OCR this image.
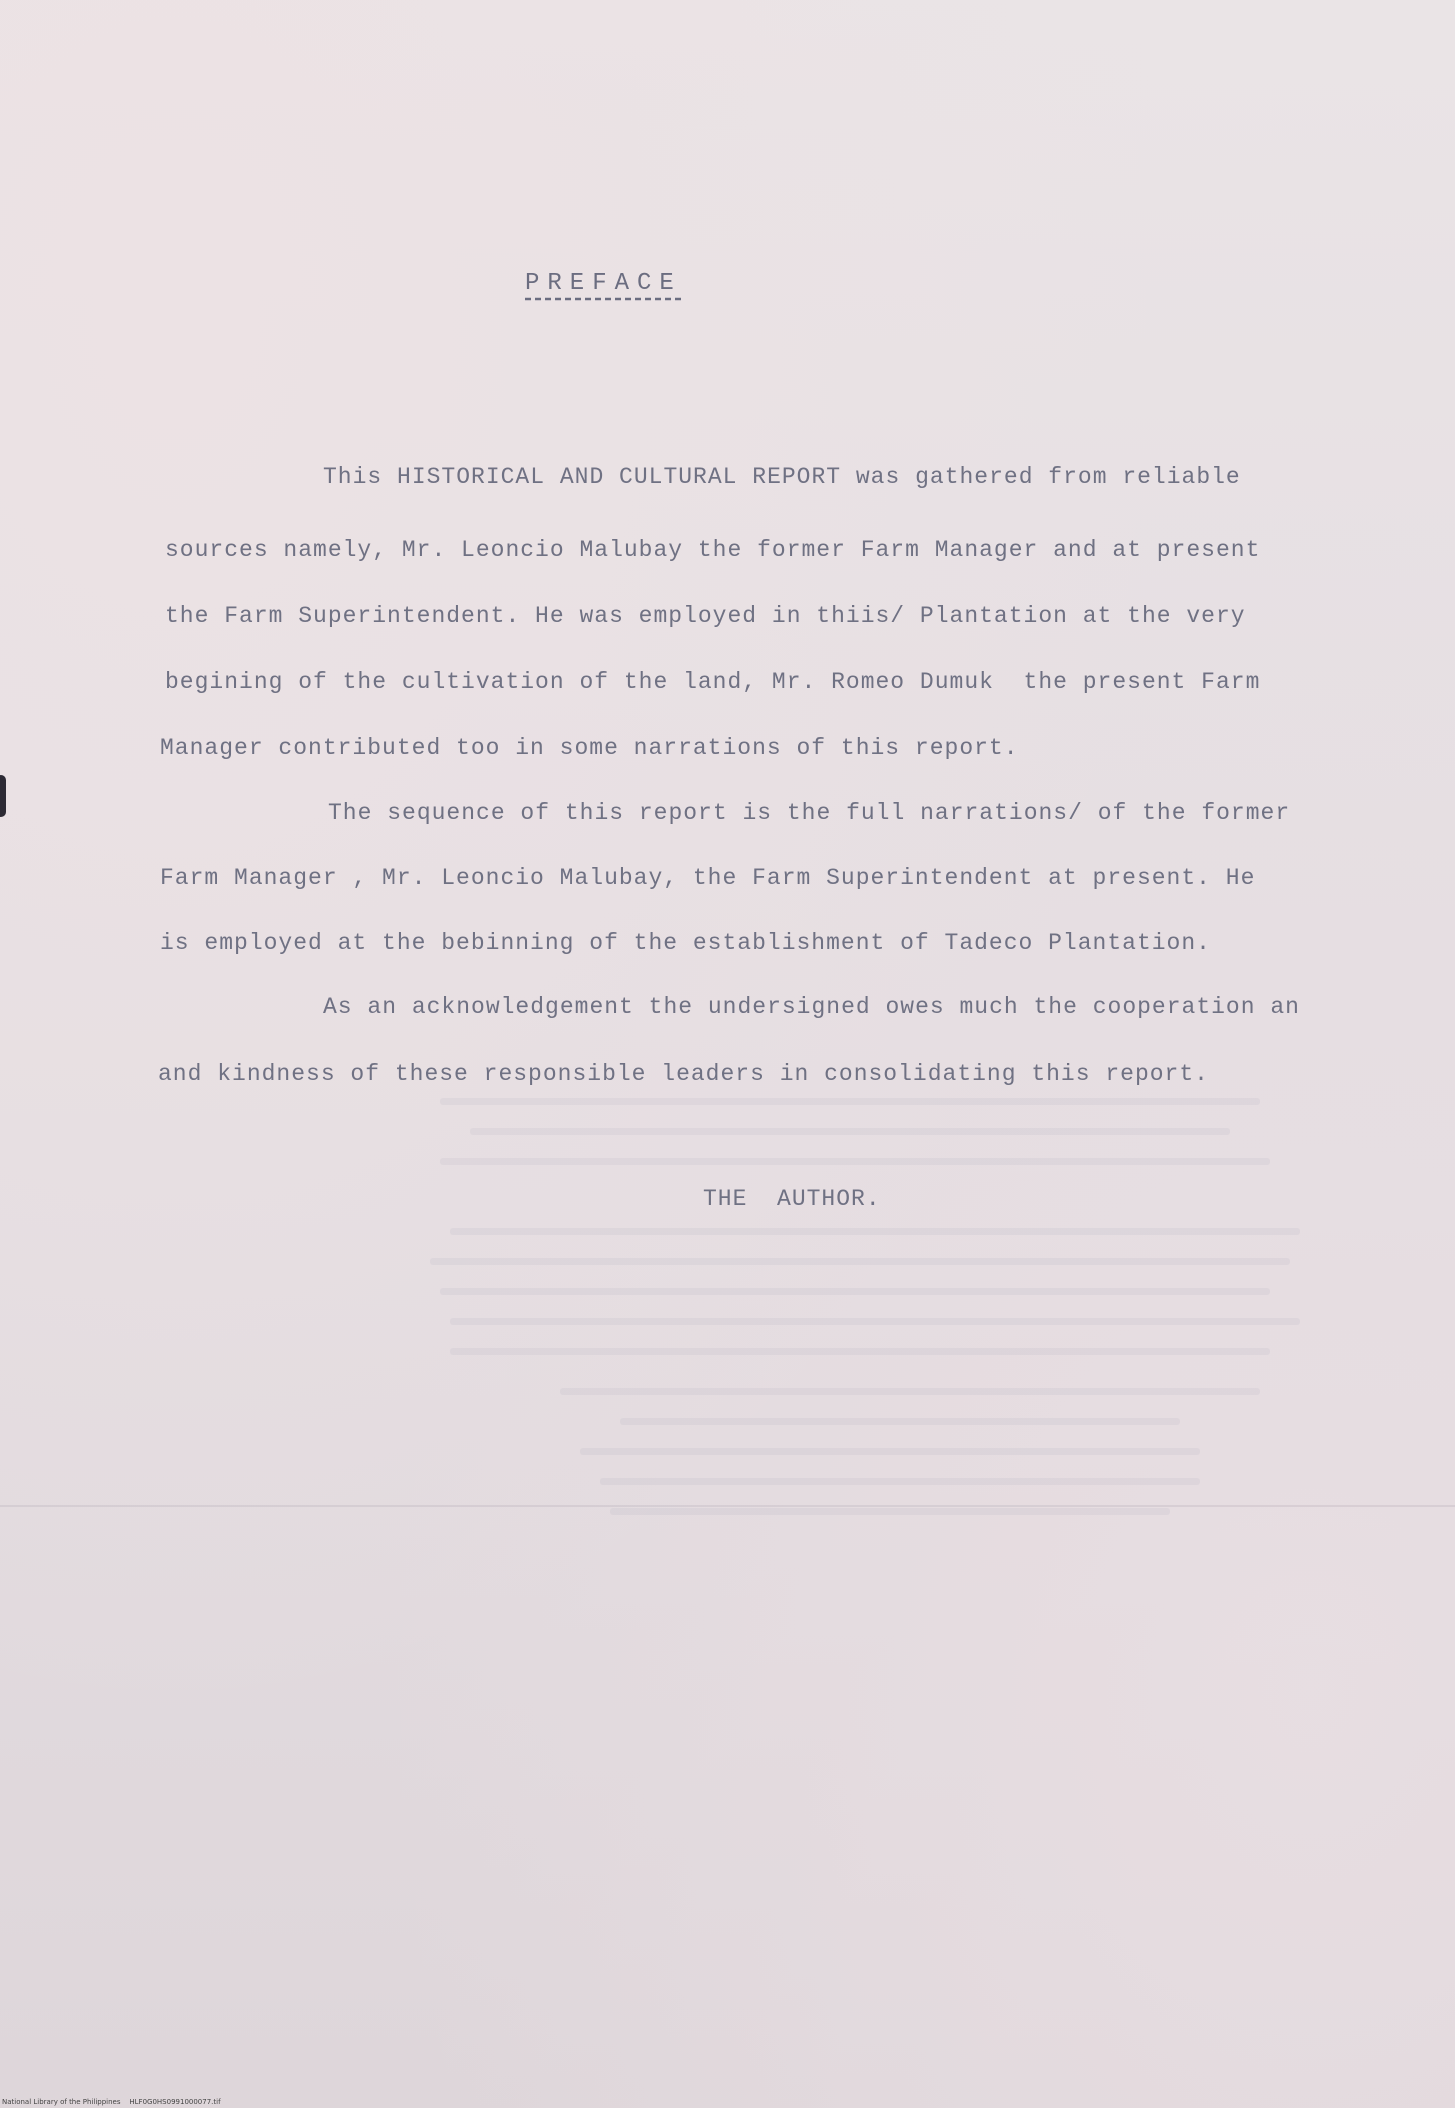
PREFACE
This HISTORICAL AND CULTURAL REPORT was gathered from reliable
sources namely, Mr. Leoncio Malubay the former Farm Manager and at present
the Farm Superintendent. He was employed in thiis/ Plantation at the very
begining of the cultivation of the land, Mr. Romeo Dumuk  the present Farm
Manager contributed too in some narrations of this report.
The sequence of this report is the full narrations/ of the former
Farm Manager , Mr. Leoncio Malubay, the Farm Superintendent at present. He
is employed at the bebinning of the establishment of Tadeco Plantation.
As an acknowledgement the undersigned owes much the cooperation an
and kindness of these responsible leaders in consolidating this report.
THE  AUTHOR.
National Library of the Philippines    HLF0G0HS0991000077.tif
